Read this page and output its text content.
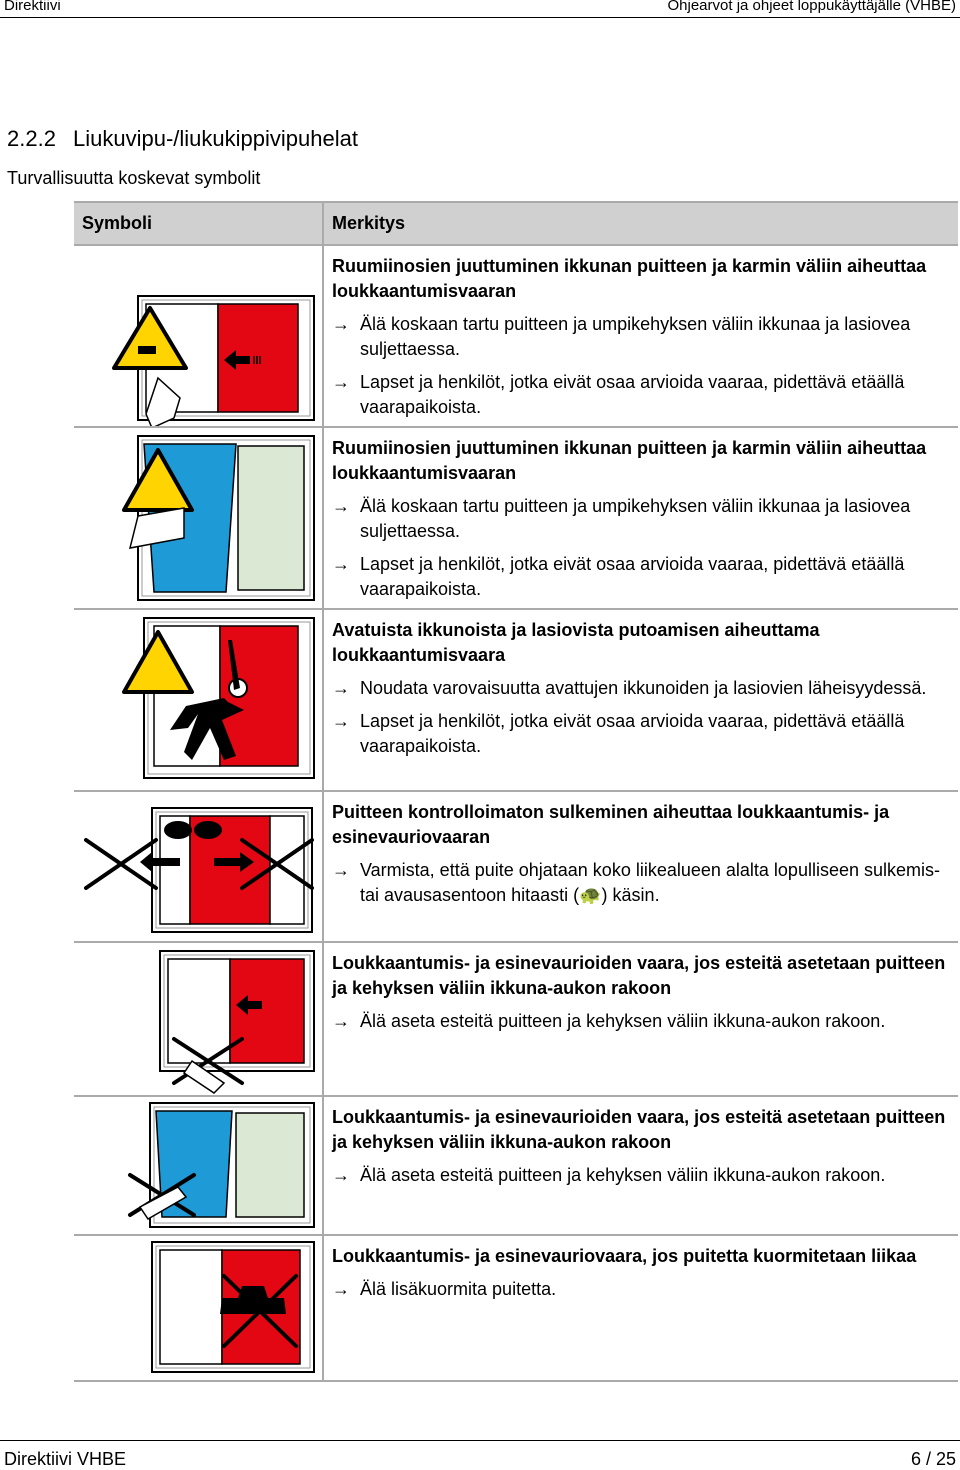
Direktiivi	Ohjearvot ja ohjeet loppukäyttäjälle (VHBE)
2.2.2 Liukuvipu-/liukukippivipuhelat
Turvallisuutta koskevat symbolit
Symboli	Merkitys
Ruumiinosien juuttuminen ikkunan puitteen ja karmin väliin aiheuttaa loukkaantumisvaaran
→ Älä koskaan tartu puitteen ja umpikehyksen väliin ikkunaa ja lasiovea suljettaessa.
→ Lapset ja henkilöt, jotka eivät osaa arvioida vaaraa, pidettävä etäällä vaarapaikoista.
Ruumiinosien juuttuminen ikkunan puitteen ja karmin väliin aiheuttaa loukkaantumisvaaran
→ Älä koskaan tartu puitteen ja umpikehyksen väliin ikkunaa ja lasiovea suljettaessa.
→ Lapset ja henkilöt, jotka eivät osaa arvioida vaaraa, pidettävä etäällä vaarapaikoista.
Avatuista ikkunoista ja lasiovista putoamisen aiheuttama loukkaantumisvaara
→ Noudata varovaisuutta avattujen ikkunoiden ja lasiovien läheisyydessä.
→ Lapset ja henkilöt, jotka eivät osaa arvioida vaaraa, pidettävä etäällä vaarapaikoista.
Puitteen kontrolloimaton sulkeminen aiheuttaa loukkaantumis- ja esinevauriovaaran
→ Varmista, että puite ohjataan koko liikealueen alalta lopulliseen sulkemis- tai avausasentoon hitaasti (🐢) käsin.
Loukkaantumis- ja esinevaurioiden vaara, jos esteitä asetetaan puitteen ja kehyksen väliin ikkuna-aukon rakoon
→ Älä aseta esteitä puitteen ja kehyksen väliin ikkuna-aukon rakoon.
Loukkaantumis- ja esinevaurioiden vaara, jos esteitä asetetaan puitteen ja kehyksen väliin ikkuna-aukon rakoon
→ Älä aseta esteitä puitteen ja kehyksen väliin ikkuna-aukon rakoon.
Loukkaantumis- ja esinevauriovaara, jos puitetta kuormitetaan liikaa
→ Älä lisäkuormita puitetta.
Direktiivi VHBE	6 / 25
